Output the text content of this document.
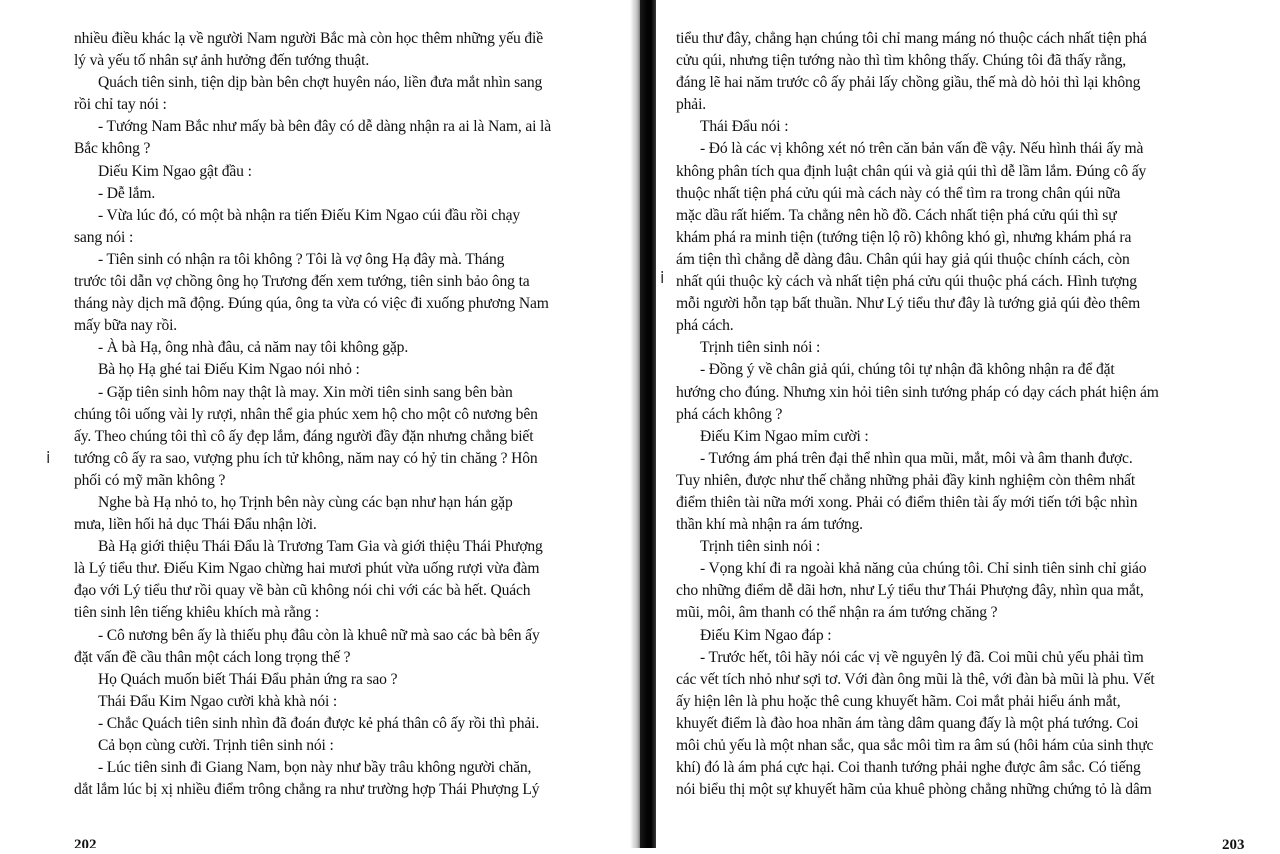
nhiều điều khác lạ về người Nam người Bắc mà còn học thêm những yếu điề
lý và yếu tố nhân sự ảnh hưởng đến tướng thuật.
Quách tiên sinh, tiện dịp bàn bên chợt huyên náo, liền đưa mắt nhìn sang
rồi chỉ tay nói :
- Tướng Nam Bắc như mấy bà bên đây có dễ dàng nhận ra ai là Nam, ai là
Bắc không ?
Diếu Kim Ngao gật đầu :
- Dễ lắm.
- Vừa lúc đó, có một bà nhận ra tiến Điếu Kim Ngao cúi đầu rồi chạy
sang nói :
- Tiên sinh có nhận ra tôi không ? Tôi là vợ ông Hạ đây mà. Tháng
trước tôi dẫn vợ chồng ông họ Trương đến xem tướng, tiên sinh bảo ông ta
tháng này dịch mã động. Đúng qúa, ông ta vừa có việc đi xuống phương Nam
mấy bữa nay rồi.
- À bà Hạ, ông nhà đâu, cả năm nay tôi không gặp.
Bà họ Hạ ghé tai Điếu Kim Ngao nói nhỏ :
- Gặp tiên sinh hôm nay thật là may. Xin mời tiên sinh sang bên bàn
chúng tôi uống vài ly rượi, nhân thể gia phúc xem hộ cho một cô nương bên
ấy. Theo chúng tôi thì cô ấy đẹp lắm, đáng người đầy đặn nhưng chẳng biết
tướng cô ấy ra sao, vượng phu ích tử không, năm nay có hỷ tin chăng ? Hôn
phối có mỹ mãn không ?
Nghe bà Hạ nhỏ to, họ Trịnh bên này cùng các bạn như hạn hán gặp
mưa, liền hối hả dục Thái Đẩu nhận lời.
Bà Hạ giới thiệu Thái Đẩu là Trương Tam Gia và giới thiệu Thái Phượng
là Lý tiểu thư. Điếu Kim Ngao chừng hai mươi phút vừa uống rượi vừa đàm
đạo với Lý tiểu thư rồi quay về bàn cũ không nói chi với các bà hết. Quách
tiên sinh lên tiếng khiêu khích mà rằng :
- Cô nương bên ấy là thiếu phụ đâu còn là khuê nữ mà sao các bà bên ấy
đặt vấn đề cầu thân một cách long trọng thế ?
Họ Quách muốn biết Thái Đẩu phản ứng ra sao ?
Thái Đẩu Kim Ngao cười khà khà nói :
- Chắc Quách tiên sinh nhìn đã đoán được kẻ phá thân cô ấy rồi thì phải.
Cả bọn cùng cười. Trịnh tiên sinh nói :
- Lúc tiên sinh đi Giang Nam, bọn này như bầy trâu không người chăn,
dắt lắm lúc bị xị nhiều điểm trông chẳng ra như trường hợp Thái Phượng Lý
202
tiểu thư đây, chẳng hạn chúng tôi chỉ mang máng nó thuộc cách nhất tiện phá
cửu qúi, nhưng tiện tướng nào thì tìm không thấy. Chúng tôi đã thấy rằng,
đáng lẽ hai năm trước cô ấy phải lấy chồng giầu, thế mà dò hỏi thì lại không
phải.
Thái Đẩu nói :
- Đó là các vị không xét nó trên căn bản vấn đề vậy. Nếu hình thái ấy mà
không phân tích qua định luật chân qúi và giả qúi thì dễ lầm lắm. Đúng cô ấy
thuộc nhất tiện phá cửu qúi mà cách này có thể tìm ra trong chân qúi nữa
mặc dầu rất hiếm. Ta chẳng nên hồ đồ. Cách nhất tiện phá cửu qúi thì sự
khám phá ra minh tiện (tướng tiện lộ rõ) không khó gì, nhưng khám phá ra
ám tiện thì chẳng dễ dàng đâu. Chân qúi hay giả qúi thuộc chính cách, còn
nhất qúi thuộc kỳ cách và nhất tiện phá cửu qúi thuộc phá cách. Hình tượng
mỗi người hỗn tạp bất thuần. Như Lý tiểu thư đây là tướng giả qúi đèo thêm
phá cách.
Trịnh tiên sinh nói :
- Đồng ý về chân giả qúi, chúng tôi tự nhận đã không nhận ra để đặt
hướng cho đúng. Nhưng xin hỏi tiên sinh tướng pháp có dạy cách phát hiện ám
phá cách không ?
Điếu Kim Ngao mỉm cười :
- Tướng ám phá trên đại thể nhìn qua mũi, mắt, môi và âm thanh được.
Tuy nhiên, được như thế chẳng những phải đầy kinh nghiệm còn thêm nhất
điểm thiên tài nữa mới xong. Phải có điểm thiên tài ấy mới tiến tới bậc nhìn
thần khí mà nhận ra ám tướng.
Trịnh tiên sinh nói :
- Vọng khí đi ra ngoài khả năng của chúng tôi. Chỉ sinh tiên sinh chỉ giáo
cho những điểm dễ dãi hơn, như Lý tiểu thư Thái Phượng đây, nhìn qua mắt,
mũi, môi, âm thanh có thể nhận ra ám tướng chăng ?
Điếu Kim Ngao đáp :
- Trước hết, tôi hãy nói các vị về nguyên lý đã. Coi mũi chủ yếu phải tìm
các vết tích nhỏ như sợi tơ. Với đàn ông mũi là thê, với đàn bà mũi là phu. Vết
ấy hiện lên là phu hoặc thê cung khuyết hãm. Coi mắt phải hiểu ánh mắt,
khuyết điểm là đào hoa nhãn ám tàng dâm quang đấy là một phá tướng. Coi
môi chủ yếu là một nhan sắc, qua sắc môi tìm ra âm sú (hôi hám của sinh thực
khí) đó là ám phá cực hại. Coi thanh tướng phải nghe được âm sắc. Có tiếng
nói biểu thị một sự khuyết hãm của khuê phòng chẳng những chứng tỏ là dâm
203
ⅰ
ⅰ
